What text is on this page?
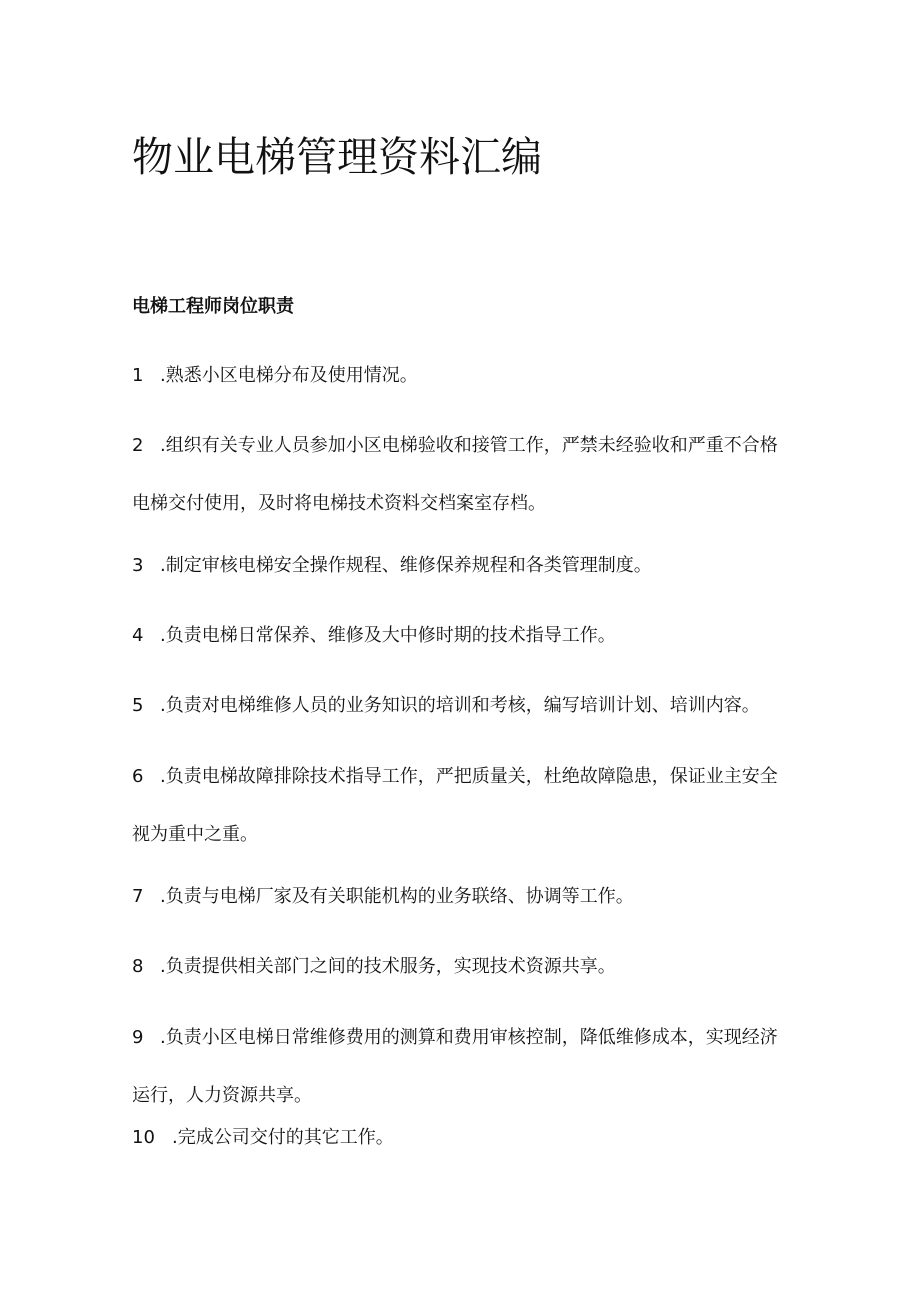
物业电梯管理资料汇编
电梯工程师岗位职责

1 .熟悉小区电梯分布及使用情况。

2 .组织有关专业人员参加小区电梯验收和接管工作，严禁未经验收和严重不合格电梯交付使用，及时将电梯技术资料交档案室存档。

3 .制定审核电梯安全操作规程、维修保养规程和各类管理制度。

4 .负责电梯日常保养、维修及大中修时期的技术指导工作。

5 .负责对电梯维修人员的业务知识的培训和考核，编写培训计划、培训内容。

6 .负责电梯故障排除技术指导工作，严把质量关，杜绝故障隐患，保证业主安全视为重中之重。

7 .负责与电梯厂家及有关职能机构的业务联络、协调等工作。

8 .负责提供相关部门之间的技术服务，实现技术资源共享。

9 .负责小区电梯日常维修费用的测算和费用审核控制，降低维修成本，实现经济运行，人力资源共享。

10 .完成公司交付的其它工作。
